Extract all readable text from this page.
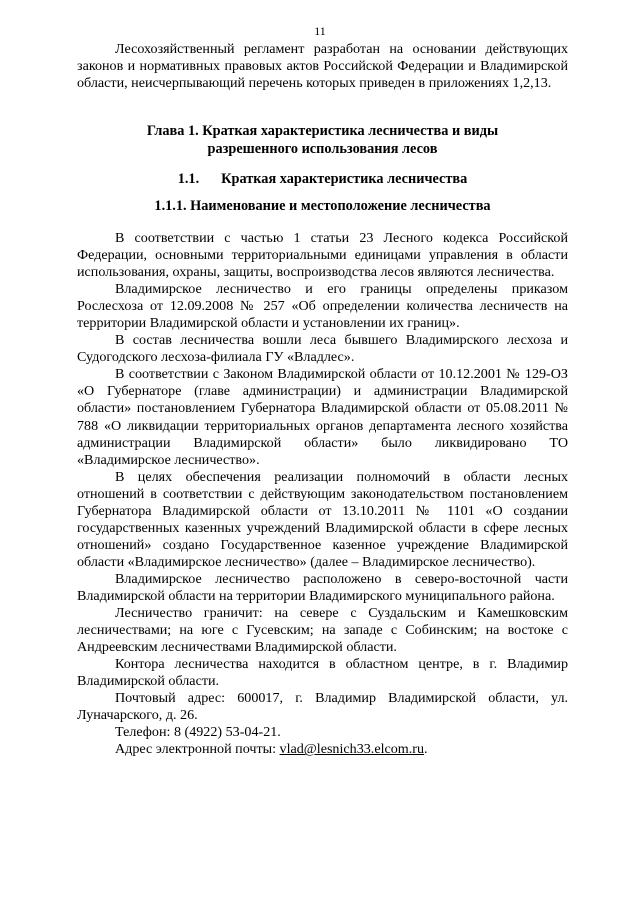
11

Лесохозяйственный регламент разработан на основании действующих законов и нормативных правовых актов Российской Федерации и Владимирской области, неисчерпывающий перечень которых приведен в приложениях 1,2,13.

Глава 1. Краткая характеристика лесничества и виды
разрешенного использования лесов
1.1. Краткая характеристика лесничества
1.1.1. Наименование и местоположение лесничества

В соответствии с частью 1 статьи 23 Лесного кодекса Российской Федерации, основными территориальными единицами управления в области использования, охраны, защиты, воспроизводства лесов являются лесничества.

Владимирское лесничество и его границы определены приказом Рослесхоза от 12.09.2008 № 257 «Об определении количества лесничеств на территории Владимирской области и установлении их границ».

В состав лесничества вошли леса бывшего Владимирского лесхоза и Судогодского лесхоза-филиала ГУ «Владлес».

В соответствии с Законом Владимирской области от 10.12.2001 № 129-ОЗ «О Губернаторе (главе администрации) и администрации Владимирской области» постановлением Губернатора Владимирской области от 05.08.2011 № 788 «О ликвидации территориальных органов департамента лесного хозяйства администрации Владимирской области» было ликвидировано ТО «Владимирское лесничество».

В целях обеспечения реализации полномочий в области лесных отношений в соответствии с действующим законодательством постановлением Губернатора Владимирской области от 13.10.2011 № 1101 «О создании государственных казенных учреждений Владимирской области в сфере лесных отношений» создано Государственное казенное учреждение Владимирской области «Владимирское лесничество» (далее – Владимирское лесничество).

Владимирское лесничество расположено в северо-восточной части Владимирской области на территории Владимирского муниципального района.

Лесничество граничит: на севере с Суздальским и Камешковским лесничествами; на юге с Гусевским; на западе с Собинским; на востоке с Андреевским лесничествами Владимирской области.

Контора лесничества находится в областном центре, в г. Владимир Владимирской области.

Почтовый адрес: 600017, г. Владимир Владимирской области, ул. Луначарского, д. 26.

Телефон: 8 (4922) 53-04-21.

Адрес электронной почты: vlad@lesnich33.elcom.ru.
